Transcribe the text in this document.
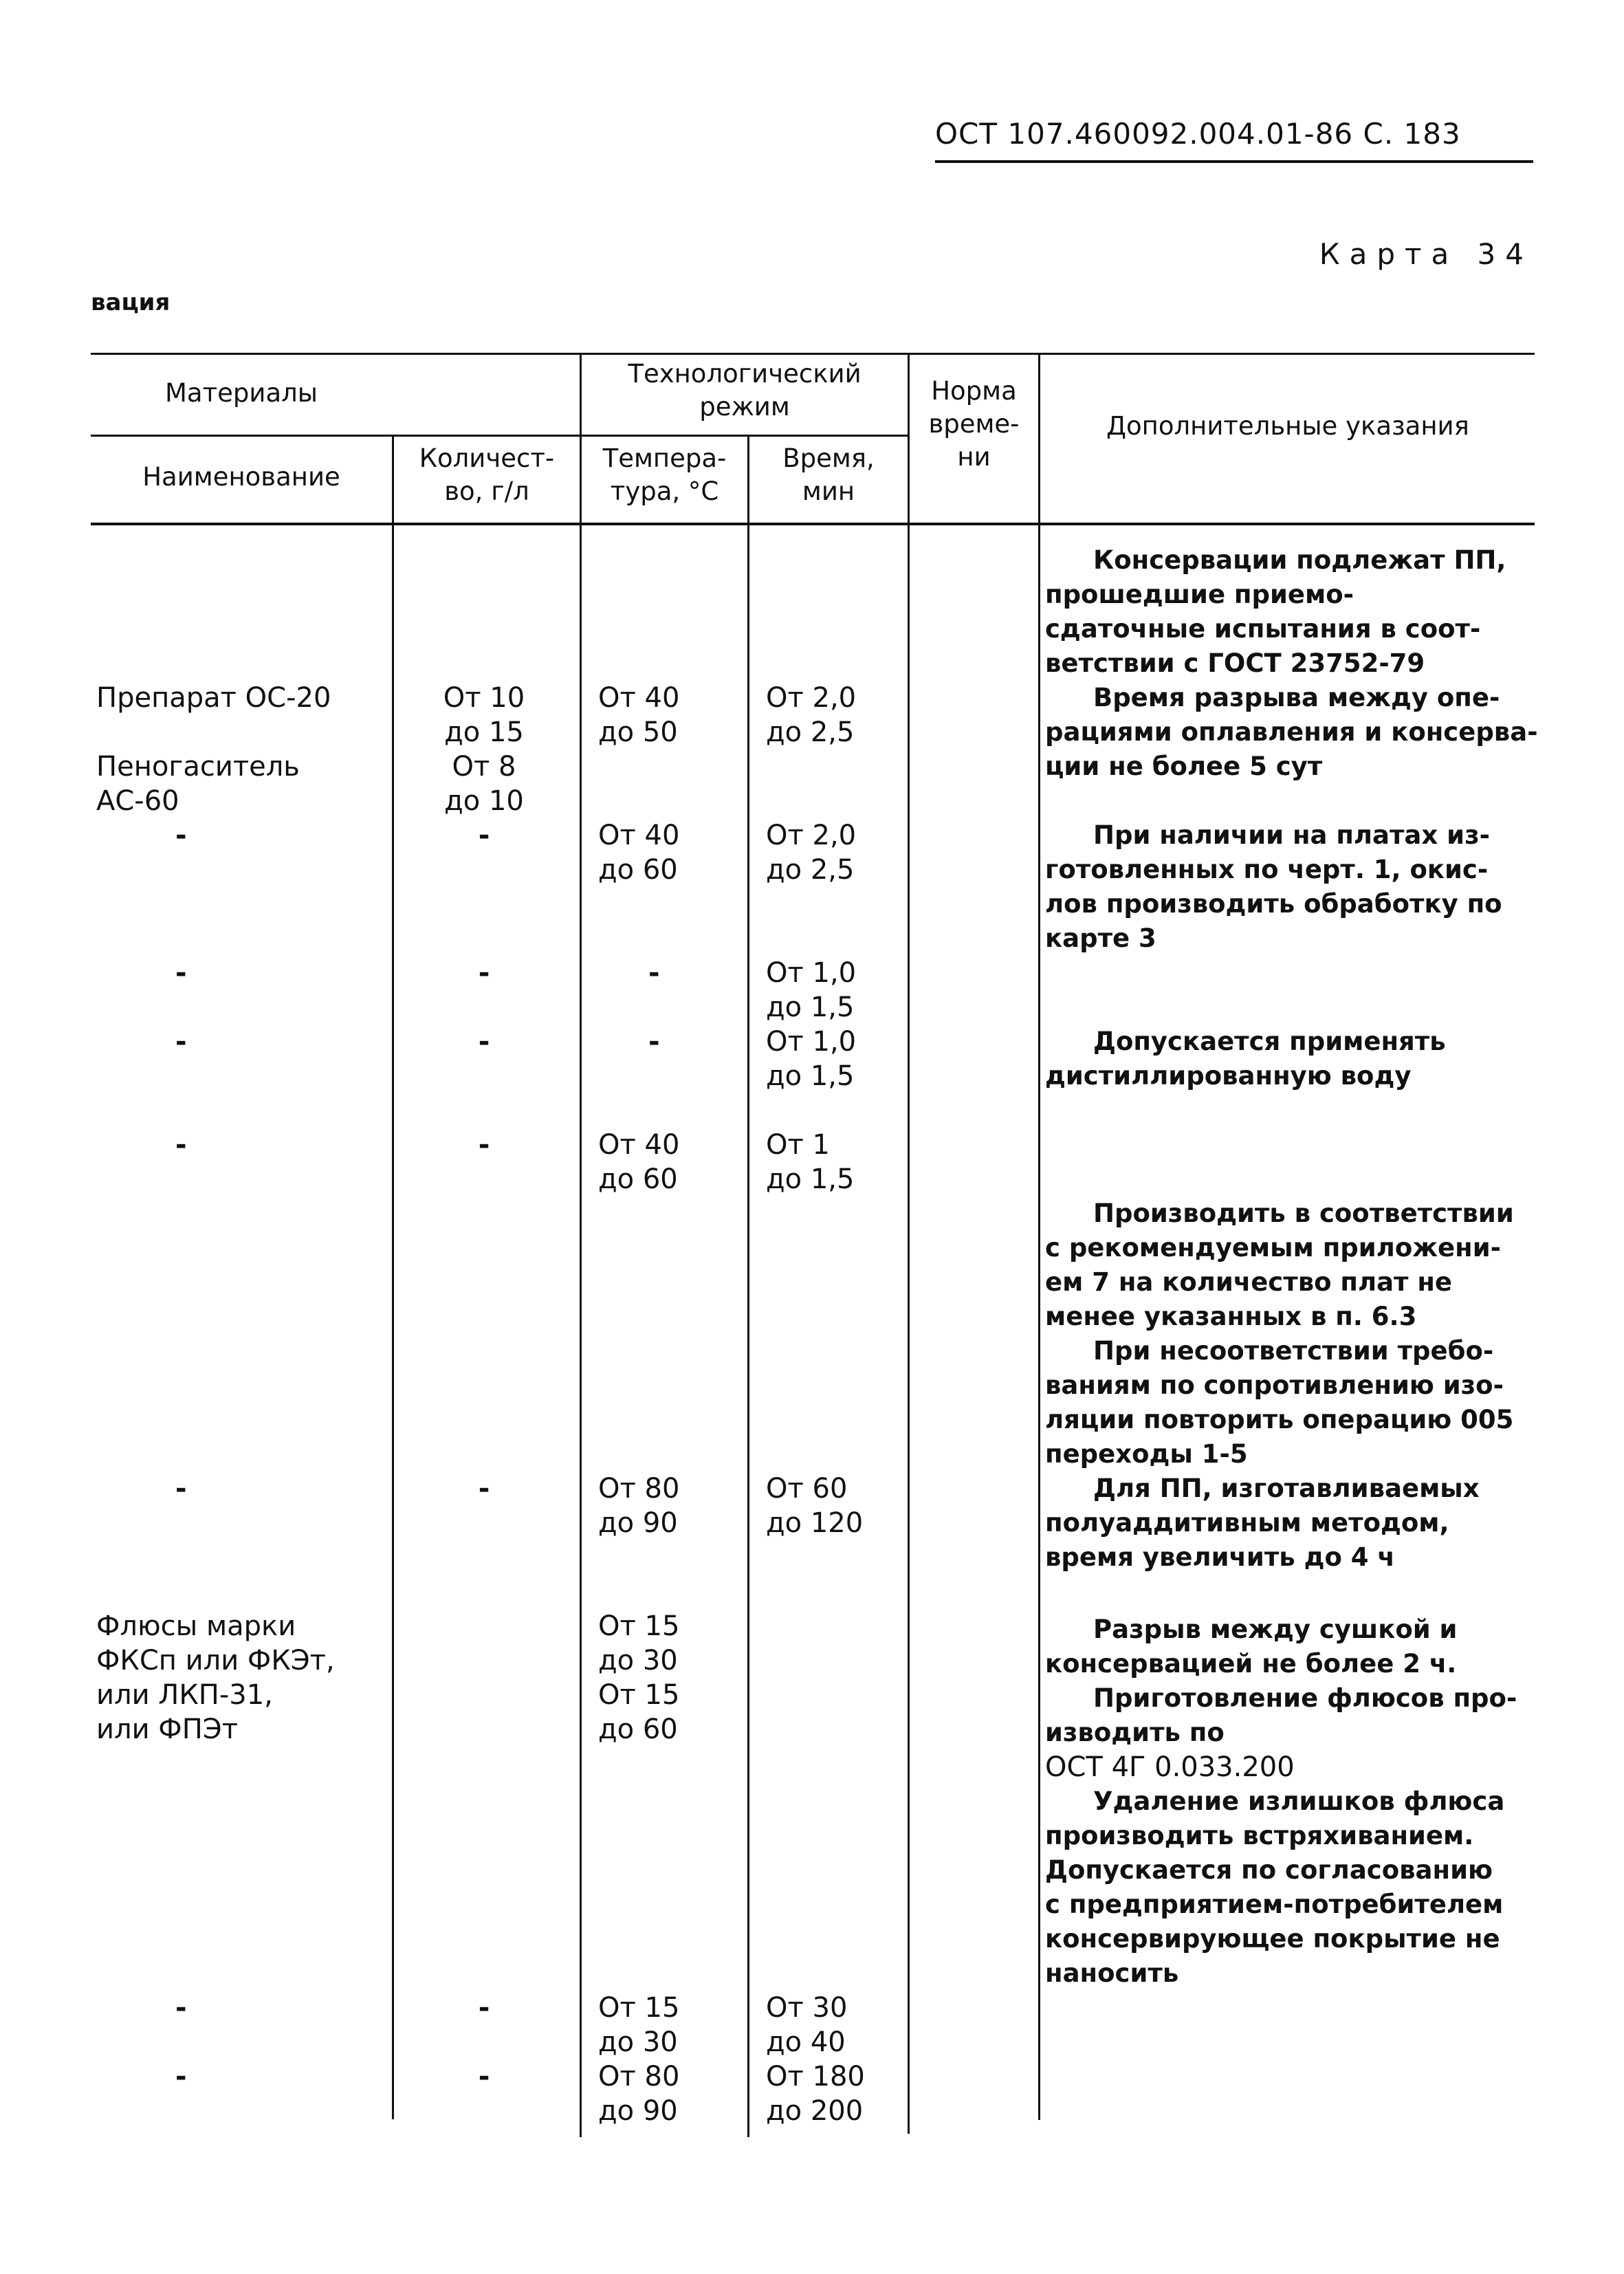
ОСТ 107.460092.004.01-86 С. 183
Карта 34
вация
Материалы
Наименование
Количест-
во, г/л
Технологический
режим
Темпера-
тура, °С
Время,
мин
Норма
време-
ни
Дополнительные указания
Препарат ОС-20
Пеногаситель
АС-60
-
-
-
-
-
Флюсы марки
ФКСп или ФКЭт,
или ЛКП-31,
или ФПЭт
-
-
От 10
до 15
От 8
до 10
-
-
-
-
-
-
-
От 40
до 50
От 40
до 60
-
-
От 40
до 60
От 80
до 90
От 15
до 30
От 15
до 60
От 15
до 30
От 80
до 90
От 2,0
до 2,5
От 2,0
до 2,5
От 1,0
до 1,5
От 1,0
до 1,5
От 1
до 1,5
От 60
до 120
От 30
до 40
От 180
до 200
Консервации подлежат ПП,
прошедшие приемо-
сдаточные испытания в соот-
ветствии с ГОСТ 23752-79
Время разрыва между опе-
рациями оплавления и консерва-
ции не более 5 сут
При наличии на платах из-
готовленных по черт. 1, окис-
лов производить обработку по
карте 3
Допускается применять
дистиллированную воду
Производить в соответствии
с рекомендуемым приложени-
ем 7 на количество плат не
менее указанных в п. 6.3
При несоответствии требо-
ваниям по сопротивлению изо-
ляции повторить операцию 005
переходы 1-5
Для ПП, изготавливаемых
полуаддитивным методом,
время увеличить до 4 ч
Разрыв между сушкой и
консервацией не более 2 ч.
Приготовление флюсов про-
изводить по
ОСТ 4Г 0.033.200
Удаление излишков флюса
производить встряхиванием.
Допускается по согласованию
с предприятием-потребителем
консервирующее покрытие не
наносить
